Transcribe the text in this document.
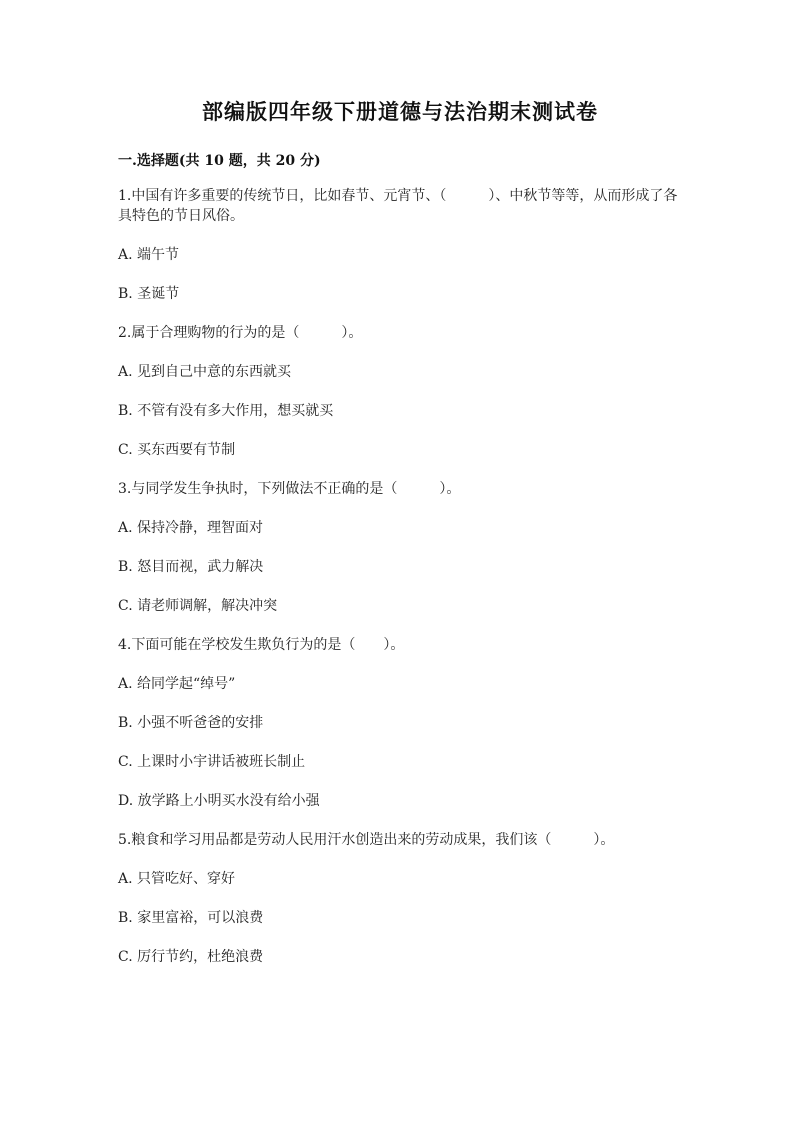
部编版四年级下册道德与法治期末测试卷
一.选择题(共 10 题，共 20 分)

1.中国有许多重要的传统节日，比如春节、元宵节、（　　　）、中秋节等等，从而形成了各具特色的节日风俗。

A. 端午节

B. 圣诞节

2.属于合理购物的行为的是（　　　）。

A. 见到自己中意的东西就买

B. 不管有没有多大作用，想买就买

C. 买东西要有节制

3.与同学发生争执时，下列做法不正确的是（　　　）。

A. 保持冷静，理智面对

B. 怒目而视，武力解决

C. 请老师调解，解决冲突

4.下面可能在学校发生欺负行为的是（　　）。

A. 给同学起“绰号”

B. 小强不听爸爸的安排

C. 上课时小宇讲话被班长制止

D. 放学路上小明买水没有给小强

5.粮食和学习用品都是劳动人民用汗水创造出来的劳动成果，我们该（　　　）。

A. 只管吃好、穿好

B. 家里富裕，可以浪费

C. 厉行节约，杜绝浪费
